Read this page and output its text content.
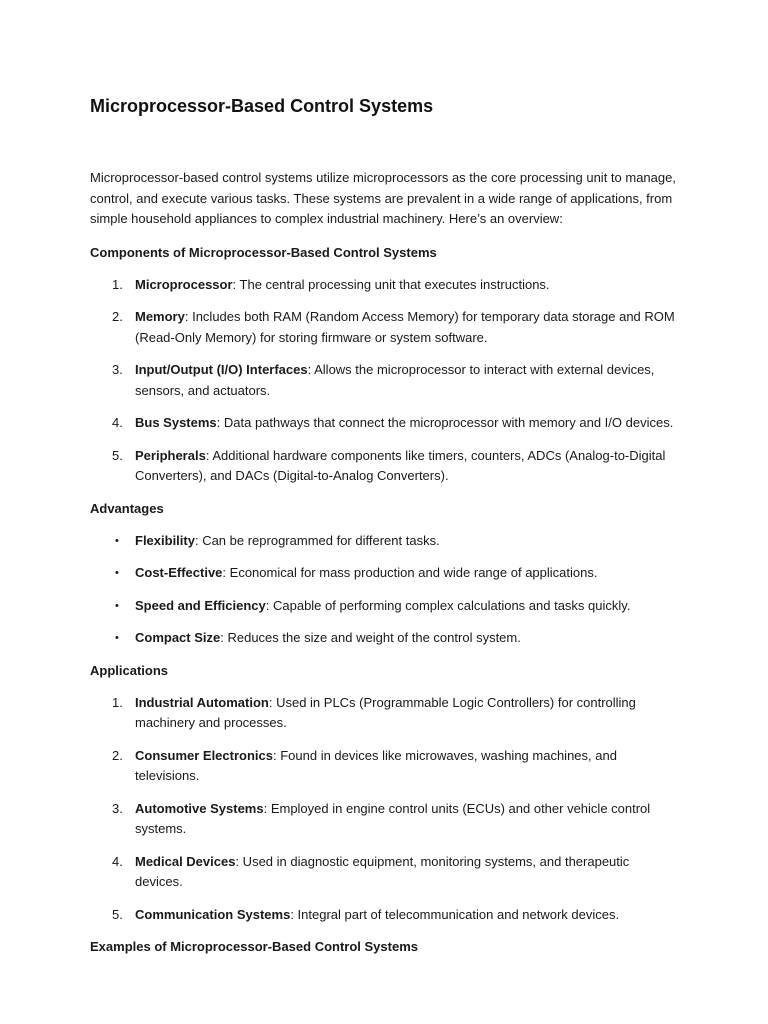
Microprocessor-Based Control Systems

Microprocessor-based control systems utilize microprocessors as the core processing unit to manage, control, and execute various tasks. These systems are prevalent in a wide range of applications, from simple household appliances to complex industrial machinery. Here’s an overview:

Components of Microprocessor-Based Control Systems
1. Microprocessor: The central processing unit that executes instructions.
2. Memory: Includes both RAM (Random Access Memory) for temporary data storage and ROM (Read-Only Memory) for storing firmware or system software.
3. Input/Output (I/O) Interfaces: Allows the microprocessor to interact with external devices, sensors, and actuators.
4. Bus Systems: Data pathways that connect the microprocessor with memory and I/O devices.
5. Peripherals: Additional hardware components like timers, counters, ADCs (Analog-to-Digital Converters), and DACs (Digital-to-Analog Converters).
Advantages
• Flexibility: Can be reprogrammed for different tasks.
• Cost-Effective: Economical for mass production and wide range of applications.
• Speed and Efficiency: Capable of performing complex calculations and tasks quickly.
• Compact Size: Reduces the size and weight of the control system.
Applications
1. Industrial Automation: Used in PLCs (Programmable Logic Controllers) for controlling machinery and processes.
2. Consumer Electronics: Found in devices like microwaves, washing machines, and televisions.
3. Automotive Systems: Employed in engine control units (ECUs) and other vehicle control systems.
4. Medical Devices: Used in diagnostic equipment, monitoring systems, and therapeutic devices.
5. Communication Systems: Integral part of telecommunication and network devices.
Examples of Microprocessor-Based Control Systems
